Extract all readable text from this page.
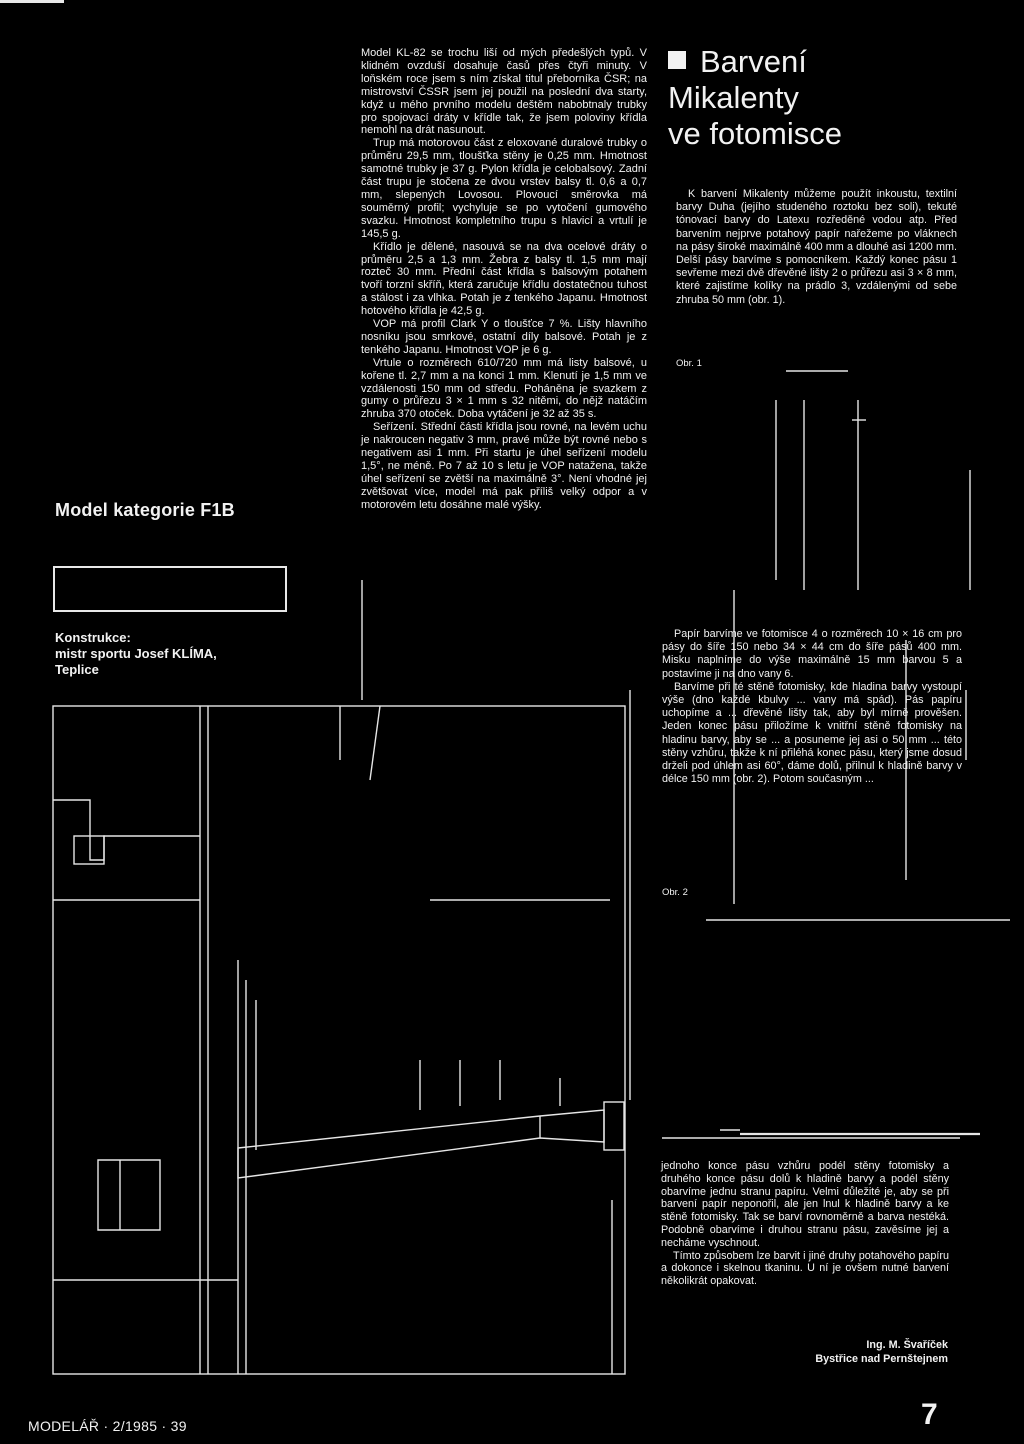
Model kategorie F1B
Konstrukce:
mistr sportu Josef KLÍMA,
Teplice

Model KL-82 se trochu liší od mých předešlých typů. V klidném ovzduší dosahuje časů přes čtyři minuty. V loňském roce jsem s ním získal titul přeborníka ČSR; na mistrovství ČSSR jsem jej použil na poslední dva starty, když u mého prvního modelu deštěm nabobtnaly trubky pro spojovací dráty v křídle tak, že jsem poloviny křídla nemohl na drát nasunout.

Trup má motorovou část z eloxované duralové trubky o průměru 29,5 mm, tloušťka stěny je 0,25 mm. Hmotnost samotné trubky je 37 g. Pylon křídla je celobalsový. Zadní část trupu je stočena ze dvou vrstev balsy tl. 0,6 a 0,7 mm, slepených Lovosou. Plovoucí směrovka má souměrný profil; vychyluje se po vytočení gumového svazku. Hmotnost kompletního trupu s hlavicí a vrtulí je 145,5 g.

Křídlo je dělené, nasouvá se na dva ocelové dráty o průměru 2,5 a 1,3 mm. Žebra z balsy tl. 1,5 mm mají rozteč 30 mm. Přední část křídla s balsovým potahem tvoří torzní skříň, která zaručuje křídlu dostatečnou tuhost a stálost i za vlhka. Potah je z tenkého Japanu. Hmotnost hotového křídla je 42,5 g.

VOP má profil Clark Y o tloušťce 7 %. Lišty hlavního nosníku jsou smrkové, ostatní díly balsové. Potah je z tenkého Japanu. Hmotnost VOP je 6 g.

Vrtule o rozměrech 610/720 mm má listy balsové, u kořene tl. 2,7 mm a na konci 1 mm. Klenutí je 1,5 mm ve vzdálenosti 150 mm od středu. Poháněna je svazkem z gumy o průřezu 3 × 1 mm s 32 nitěmi, do nějž natáčím zhruba 370 otoček. Doba vytáčení je 32 až 35 s.

Seřízení. Střední části křídla jsou rovné, na levém uchu je nakroucen negativ 3 mm, pravé může být rovné nebo s negativem asi 1 mm. Při startu je úhel seřízení modelu 1,5°, ne méně. Po 7 až 10 s letu je VOP natažena, takže úhel seřízení se zvětší na maximálně 3°. Není vhodné jej zvětšovat více, model má pak příliš velký odpor a v motorovém letu dosáhne malé výšky.

Barvení
Mikalenty
ve fotomisce

K barvení Mikalenty můžeme použít inkoustu, textilní barvy Duha (jejího studeného roztoku bez soli), tekuté tónovací barvy do Latexu rozředěné vodou atp. Před barvením nejprve potahový papír nařežeme po vláknech na pásy široké maximálně 400 mm a dlouhé asi 1200 mm. Delší pásy barvíme s pomocníkem. Každý konec pásu 1 sevřeme mezi dvě dřevěné lišty 2 o průřezu asi 3 × 8 mm, které zajistíme kolíky na prádlo 3, vzdálenými od sebe zhruba 50 mm (obr. 1).

Obr. 1

Papír barvíme ve fotomisce 4 o rozměrech 10 × 16 cm pro pásy do šíře 150 nebo 34 × 44 cm do šíře pásů 400 mm. Misku naplníme do výše maximálně 15 mm barvou 5 a postavíme ji na dno vany 6.

Barvíme při té stěně fotomisky, kde hladina barvy vystoupí výše (dno každé kbulvy ... vany má spád). Pás papíru uchopíme a ... dřevěné lišty tak, aby byl mírně prověšen. Jeden konec pásu přiložíme k vnitřní stěně fotomisky na hladinu barvy, aby se ... a posuneme jej asi o 50 mm ... této stěny vzhůru, takže k ní přiléhá konec pásu, který jsme dosud drželi pod úhlem asi 60°, dáme dolů, přilnul k hladině barvy v délce 150 mm (obr. 2). Potom současným ...

Obr. 2

jednoho konce pásu vzhůru podél stěny fotomisky a druhého konce pásu dolů k hladině barvy a podél stěny obarvíme jednu stranu papíru. Velmi důležité je, aby se při barvení papír neponořil, ale jen lnul k hladině barvy a ke stěně fotomisky. Tak se barví rovnoměrně a barva nestéká. Podobně obarvíme i druhou stranu pásu, zavěsíme jej a necháme vyschnout.

Tímto způsobem lze barvit i jiné druhy potahového papíru a dokonce i skelnou tkaninu. U ní je ovšem nutné barvení několikrát opakovat.

Ing. M. Švaříček
Bystřice nad Pernštejnem
MODELÁŘ · 2/1985 · 39	7
